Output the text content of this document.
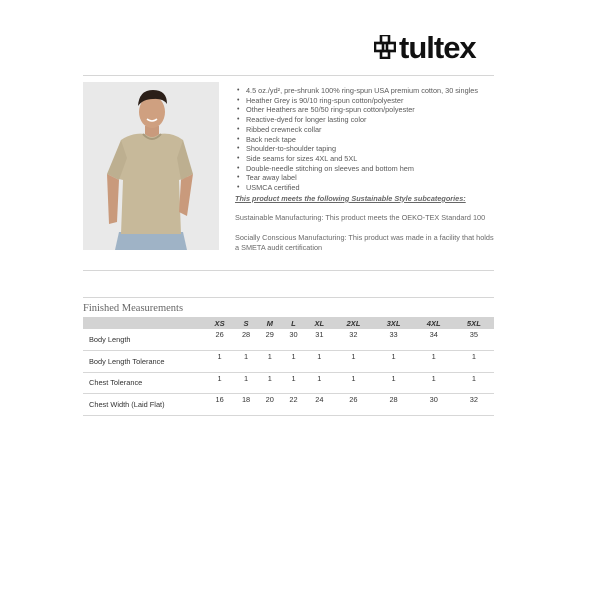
tultex
• 4.5 oz./yd², pre-shrunk 100% ring-spun USA premium cotton, 30 singles
• Heather Grey is 90/10 ring-spun cotton/polyester
• Other Heathers are 50/50 ring-spun cotton/polyester
• Reactive-dyed for longer lasting color
• Ribbed crewneck collar
• Back neck tape
• Shoulder-to-shoulder taping
• Side seams for sizes 4XL and 5XL
• Double-needle stitching on sleeves and bottom hem
• Tear away label
• USMCA certified
This product meets the following Sustainable Style subcategories:
Sustainable Manufacturing: This product meets the OEKO-TEX Standard 100
Socially Conscious Manufacturing: This product was made in a facility that holds a SMETA audit certification
Finished Measurements
	XS	S	M	L	XL	2XL	3XL	4XL	5XL
Body Length	26	28	29	30	31	32	33	34	35
Body Length Tolerance	1	1	1	1	1	1	1	1	1
Chest Tolerance	1	1	1	1	1	1	1	1	1
Chest Width (Laid Flat)	16	18	20	22	24	26	28	30	32
